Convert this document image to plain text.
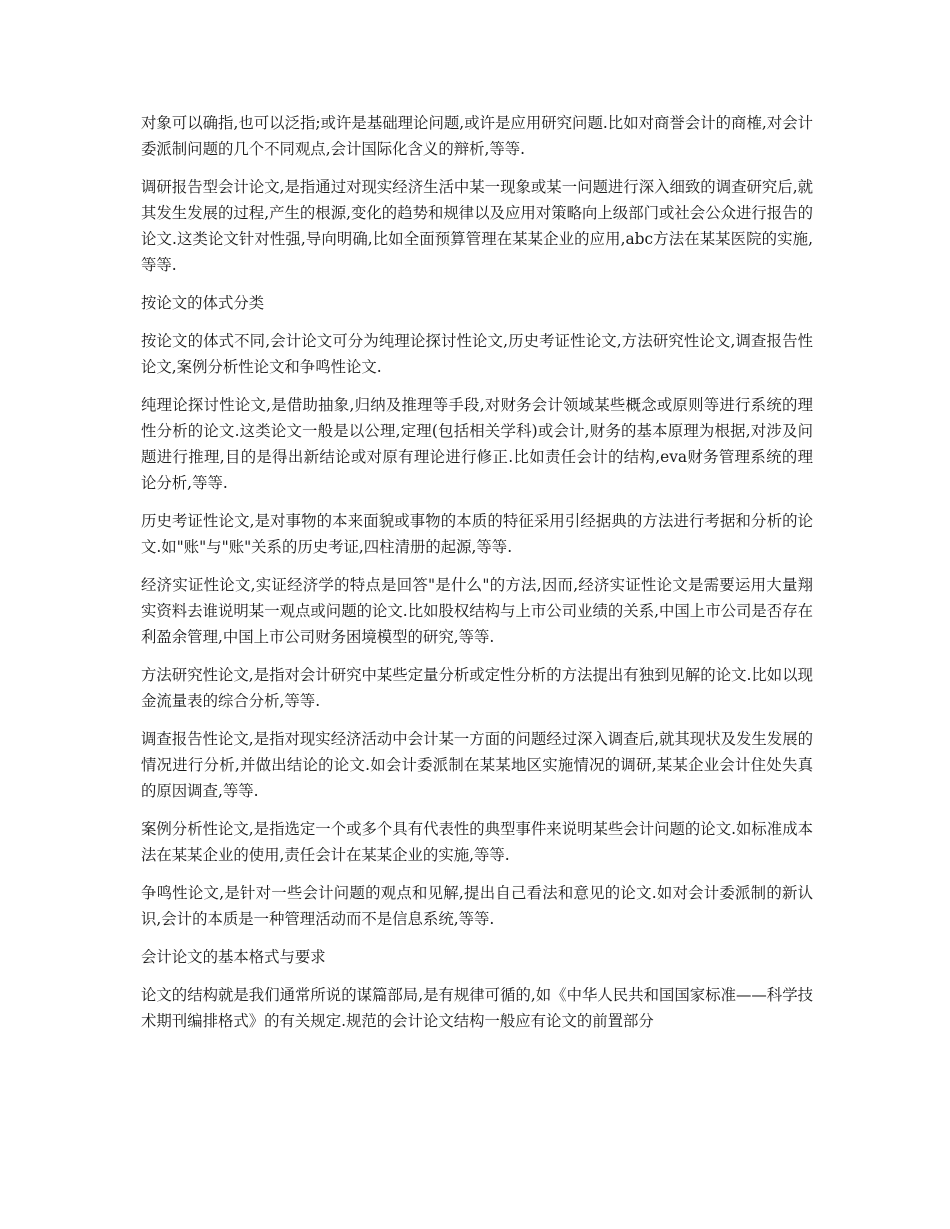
对象可以确指,也可以泛指;或许是基础理论问题,或许是应用研究问题.比如对商誉会计的商榷,对会计委派制问题的几个不同观点,会计国际化含义的辩析,等等.

调研报告型会计论文,是指通过对现实经济生活中某一现象或某一问题进行深入细致的调查研究后,就其发生发展的过程,产生的根源,变化的趋势和规律以及应用对策略向上级部门或社会公众进行报告的论文.这类论文针对性强,导向明确,比如全面预算管理在某某企业的应用,abc方法在某某医院的实施,等等.

按论文的体式分类

按论文的体式不同,会计论文可分为纯理论探讨性论文,历史考证性论文,方法研究性论文,调查报告性论文,案例分析性论文和争鸣性论文.

纯理论探讨性论文,是借助抽象,归纳及推理等手段,对财务会计领域某些概念或原则等进行系统的理性分析的论文.这类论文一般是以公理,定理(包括相关学科)或会计,财务的基本原理为根据,对涉及问题进行推理,目的是得出新结论或对原有理论进行修正.比如责任会计的结构,eva财务管理系统的理论分析,等等.

历史考证性论文,是对事物的本来面貌或事物的本质的特征采用引经据典的方法进行考据和分析的论文.如"账"与"账"关系的历史考证,四柱清册的起源,等等.

经济实证性论文,实证经济学的特点是回答"是什么"的方法,因而,经济实证性论文是需要运用大量翔实资料去谁说明某一观点或问题的论文.比如股权结构与上市公司业绩的关系,中国上市公司是否存在利盈余管理,中国上市公司财务困境模型的研究,等等.

方法研究性论文,是指对会计研究中某些定量分析或定性分析的方法提出有独到见解的论文.比如以现金流量表的综合分析,等等.

调查报告性论文,是指对现实经济活动中会计某一方面的问题经过深入调查后,就其现状及发生发展的情况进行分析,并做出结论的论文.如会计委派制在某某地区实施情况的调研,某某企业会计住处失真的原因调查,等等.

案例分析性论文,是指选定一个或多个具有代表性的典型事件来说明某些会计问题的论文.如标准成本法在某某企业的使用,责任会计在某某企业的实施,等等.

争鸣性论文,是针对一些会计问题的观点和见解,提出自己看法和意见的论文.如对会计委派制的新认识,会计的本质是一种管理活动而不是信息系统,等等.

会计论文的基本格式与要求

论文的结构就是我们通常所说的谋篇部局,是有规律可循的,如《中华人民共和国国家标准——科学技术期刊编排格式》的有关规定.规范的会计论文结构一般应有论文的前置部分
